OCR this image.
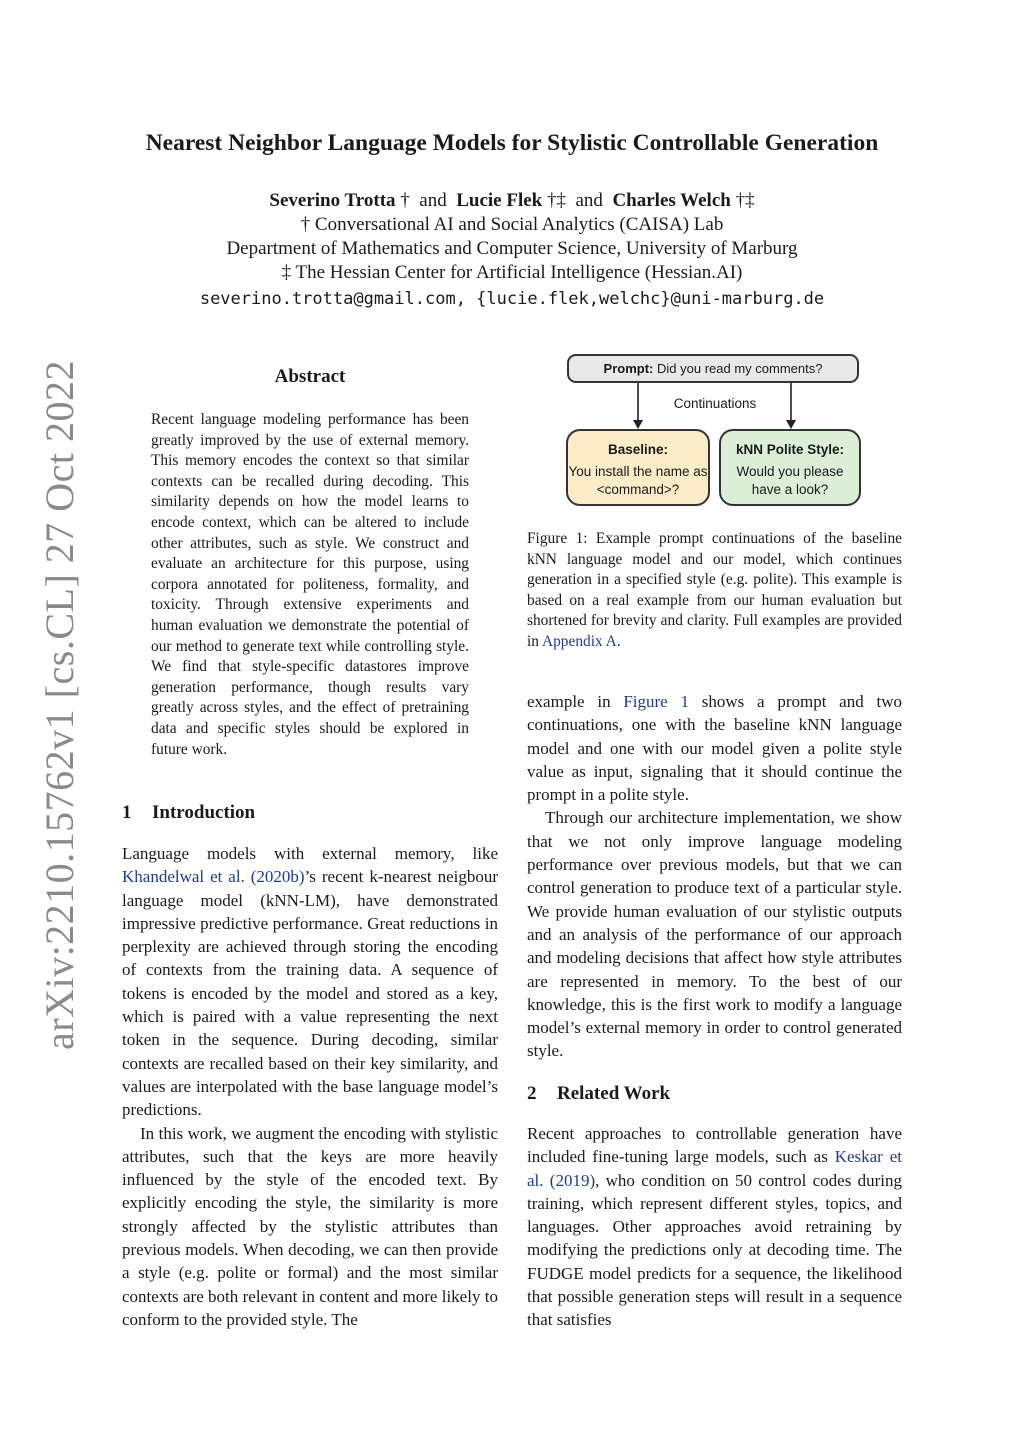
arXiv:2210.15762v1 [cs.CL] 27 Oct 2022
Nearest Neighbor Language Models for Stylistic Controllable Generation
Severino Trotta † and Lucie Flek †‡ and Charles Welch †‡
† Conversational AI and Social Analytics (CAISA) Lab
Department of Mathematics and Computer Science, University of Marburg
‡ The Hessian Center for Artificial Intelligence (Hessian.AI)
severino.trotta@gmail.com, {lucie.flek,welchc}@uni-marburg.de
Abstract
Recent language modeling performance has been greatly improved by the use of external memory. This memory encodes the context so that similar contexts can be recalled during decoding. This similarity depends on how the model learns to encode context, which can be altered to include other attributes, such as style. We construct and evaluate an architecture for this purpose, using corpora annotated for politeness, formality, and toxicity. Through extensive experiments and human evaluation we demonstrate the potential of our method to generate text while controlling style. We find that style-specific datastores improve generation performance, though results vary greatly across styles, and the effect of pretraining data and specific styles should be explored in future work.
1 Introduction

Language models with external memory, like Khandelwal et al. (2020b)’s recent k-nearest neigbour language model (kNN-LM), have demonstrated impressive predictive performance. Great reductions in perplexity are achieved through storing the encoding of contexts from the training data. A sequence of tokens is encoded by the model and stored as a key, which is paired with a value representing the next token in the sequence. During decoding, similar contexts are recalled based on their key similarity, and values are interpolated with the base language model’s predictions.

In this work, we augment the encoding with stylistic attributes, such that the keys are more heavily influenced by the style of the encoded text. By explicitly encoding the style, the similarity is more strongly affected by the stylistic attributes than previous models. When decoding, we can then provide a style (e.g. polite or formal) and the most similar contexts are both relevant in content and more likely to conform to the provided style. The

Prompt: Did you read my comments?
Continuations
Baseline:
You install the name as <command>?
kNN Polite Style:
Would you please have a look?
Figure 1: Example prompt continuations of the baseline kNN language model and our model, which continues generation in a specified style (e.g. polite). This example is based on a real example from our human evaluation but shortened for brevity and clarity. Full examples are provided in Appendix A.

example in Figure 1 shows a prompt and two continuations, one with the baseline kNN language model and one with our model given a polite style value as input, signaling that it should continue the prompt in a polite style.

Through our architecture implementation, we show that we not only improve language modeling performance over previous models, but that we can control generation to produce text of a particular style. We provide human evaluation of our stylistic outputs and an analysis of the performance of our approach and modeling decisions that affect how style attributes are represented in memory. To the best of our knowledge, this is the first work to modify a language model’s external memory in order to control generated style.

2 Related Work

Recent approaches to controllable generation have included fine-tuning large models, such as Keskar et al. (2019), who condition on 50 control codes during training, which represent different styles, topics, and languages. Other approaches avoid retraining by modifying the predictions only at decoding time. The FUDGE model predicts for a sequence, the likelihood that possible generation steps will result in a sequence that satisfies
